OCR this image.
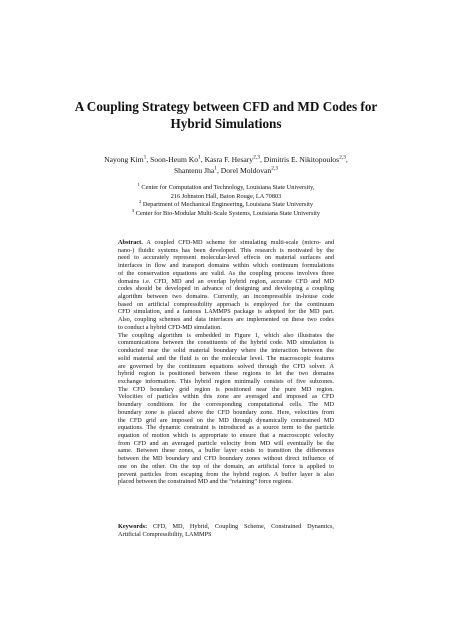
A Coupling Strategy between CFD and MD Codes for
Hybrid Simulations
Nayong Kim$^1$, Soon-Heum Ko$^1$, Kasra F. Hesary$^{2,3}$, Dimitris E. Nikitopoulos$^{2,3}$,
Shantenu Jha$^1$, Dorel Moldovan$^{2,3}$
$^1$ Center for Computation and Technology, Louisiana State University,
216 Johnston Hall, Baton Rouge, LA 70803
$^2$ Department of Mechanical Engineering, Louisiana State University
$^3$ Center for Bio-Modular Multi-Scale Systems, Louisiana State University
Abstract. A coupled CFD-MD scheme for simulating multi-scale (micro- and
nano-) fluidic systems has been developed. This research is motivated by the
need to accurately represent molecular-level effects on material surfaces and
interfaces in flow and transport domains within which continuum formulations
of the conservation equations are valid. As the coupling process involves three
domains i.e. CFD, MD and an overlap hybrid region, accurate CFD and MD
codes should be developed in advance of designing and developing a coupling
algorithm between two domains. Currently, an incompressible in-house code
based on artificial compressibility approach is employed for the continuum
CFD simulation, and a famous LAMMPS package is adopted for the MD part.
Also, coupling schemes and data interfaces are implemented on these two codes
to conduct a hybrid CFD-MD simulation.
The coupling algorithm is embedded in Figure 1, which also illustrates the
communications between the constituents of the hybrid code. MD simulation is
conducted near the solid material boundary where the interaction between the
solid material and the fluid is on the molecular level. The macroscopic features
are governed by the continuum equations solved through the CFD solver. A
hybrid region is positioned between these regions to let the two domains
exchange information. This hybrid region minimally consists of five subzones.
The CFD boundary grid region is positioned near the pure MD region.
Velocities of particles within this zone are averaged and imposed as CFD
boundary conditions for the corresponding computational cells. The MD
boundary zone is placed above the CFD boundary zone. Here, velocities from
the CFD grid are imposed on the MD through dynamically constrained MD
equations. The dynamic constraint is introduced as a source term to the particle
equation of motion which is appropriate to ensure that a macroscopic velocity
from CFD and an averaged particle velocity from MD will eventually be the
same. Between these zones, a buffer layer exists to transition the differences
between the MD boundary and CFD boundary zones without direct influence of
one on the other. On the top of the domain, an artificial force is applied to
prevent particles from escaping from the hybrid region. A buffer layer is also
placed between the constrained MD and the “retaining” force regions.
Keywords: CFD, MD, Hybrid, Coupling Scheme, Constrained Dynamics,
Artificial Compressibility, LAMMPS
